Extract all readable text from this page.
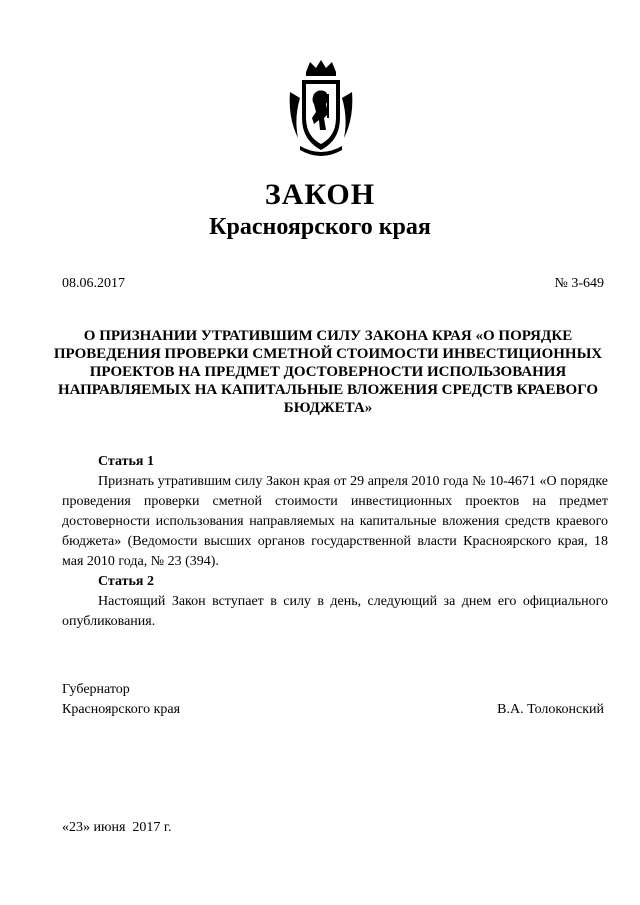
ЗАКОН
Красноярского края
08.06.2017	№ 3-649
О ПРИЗНАНИИ УТРАТИВШИМ СИЛУ ЗАКОНА КРАЯ «О ПОРЯДКЕ ПРОВЕДЕНИЯ ПРОВЕРКИ СМЕТНОЙ СТОИМОСТИ ИНВЕСТИЦИОННЫХ ПРОЕКТОВ НА ПРЕДМЕТ ДОСТОВЕРНОСТИ ИСПОЛЬЗОВАНИЯ НАПРАВЛЯЕМЫХ НА КАПИТАЛЬНЫЕ ВЛОЖЕНИЯ СРЕДСТВ КРАЕВОГО БЮДЖЕТА»
Статья 1

Признать утратившим силу Закон края от 29 апреля 2010 года № 10-4671 «О порядке проведения проверки сметной стоимости инвестиционных проектов на предмет достоверности использования направляемых на капитальные вложения средств краевого бюджета» (Ведомости высших органов государственной власти Красноярского края, 18 мая 2010 года, № 23 (394).

Статья 2

Настоящий Закон вступает в силу в день, следующий за днем его официального опубликования.

Губернатор
Красноярского края	В.А. Толоконский
«23» июня  2017 г.
